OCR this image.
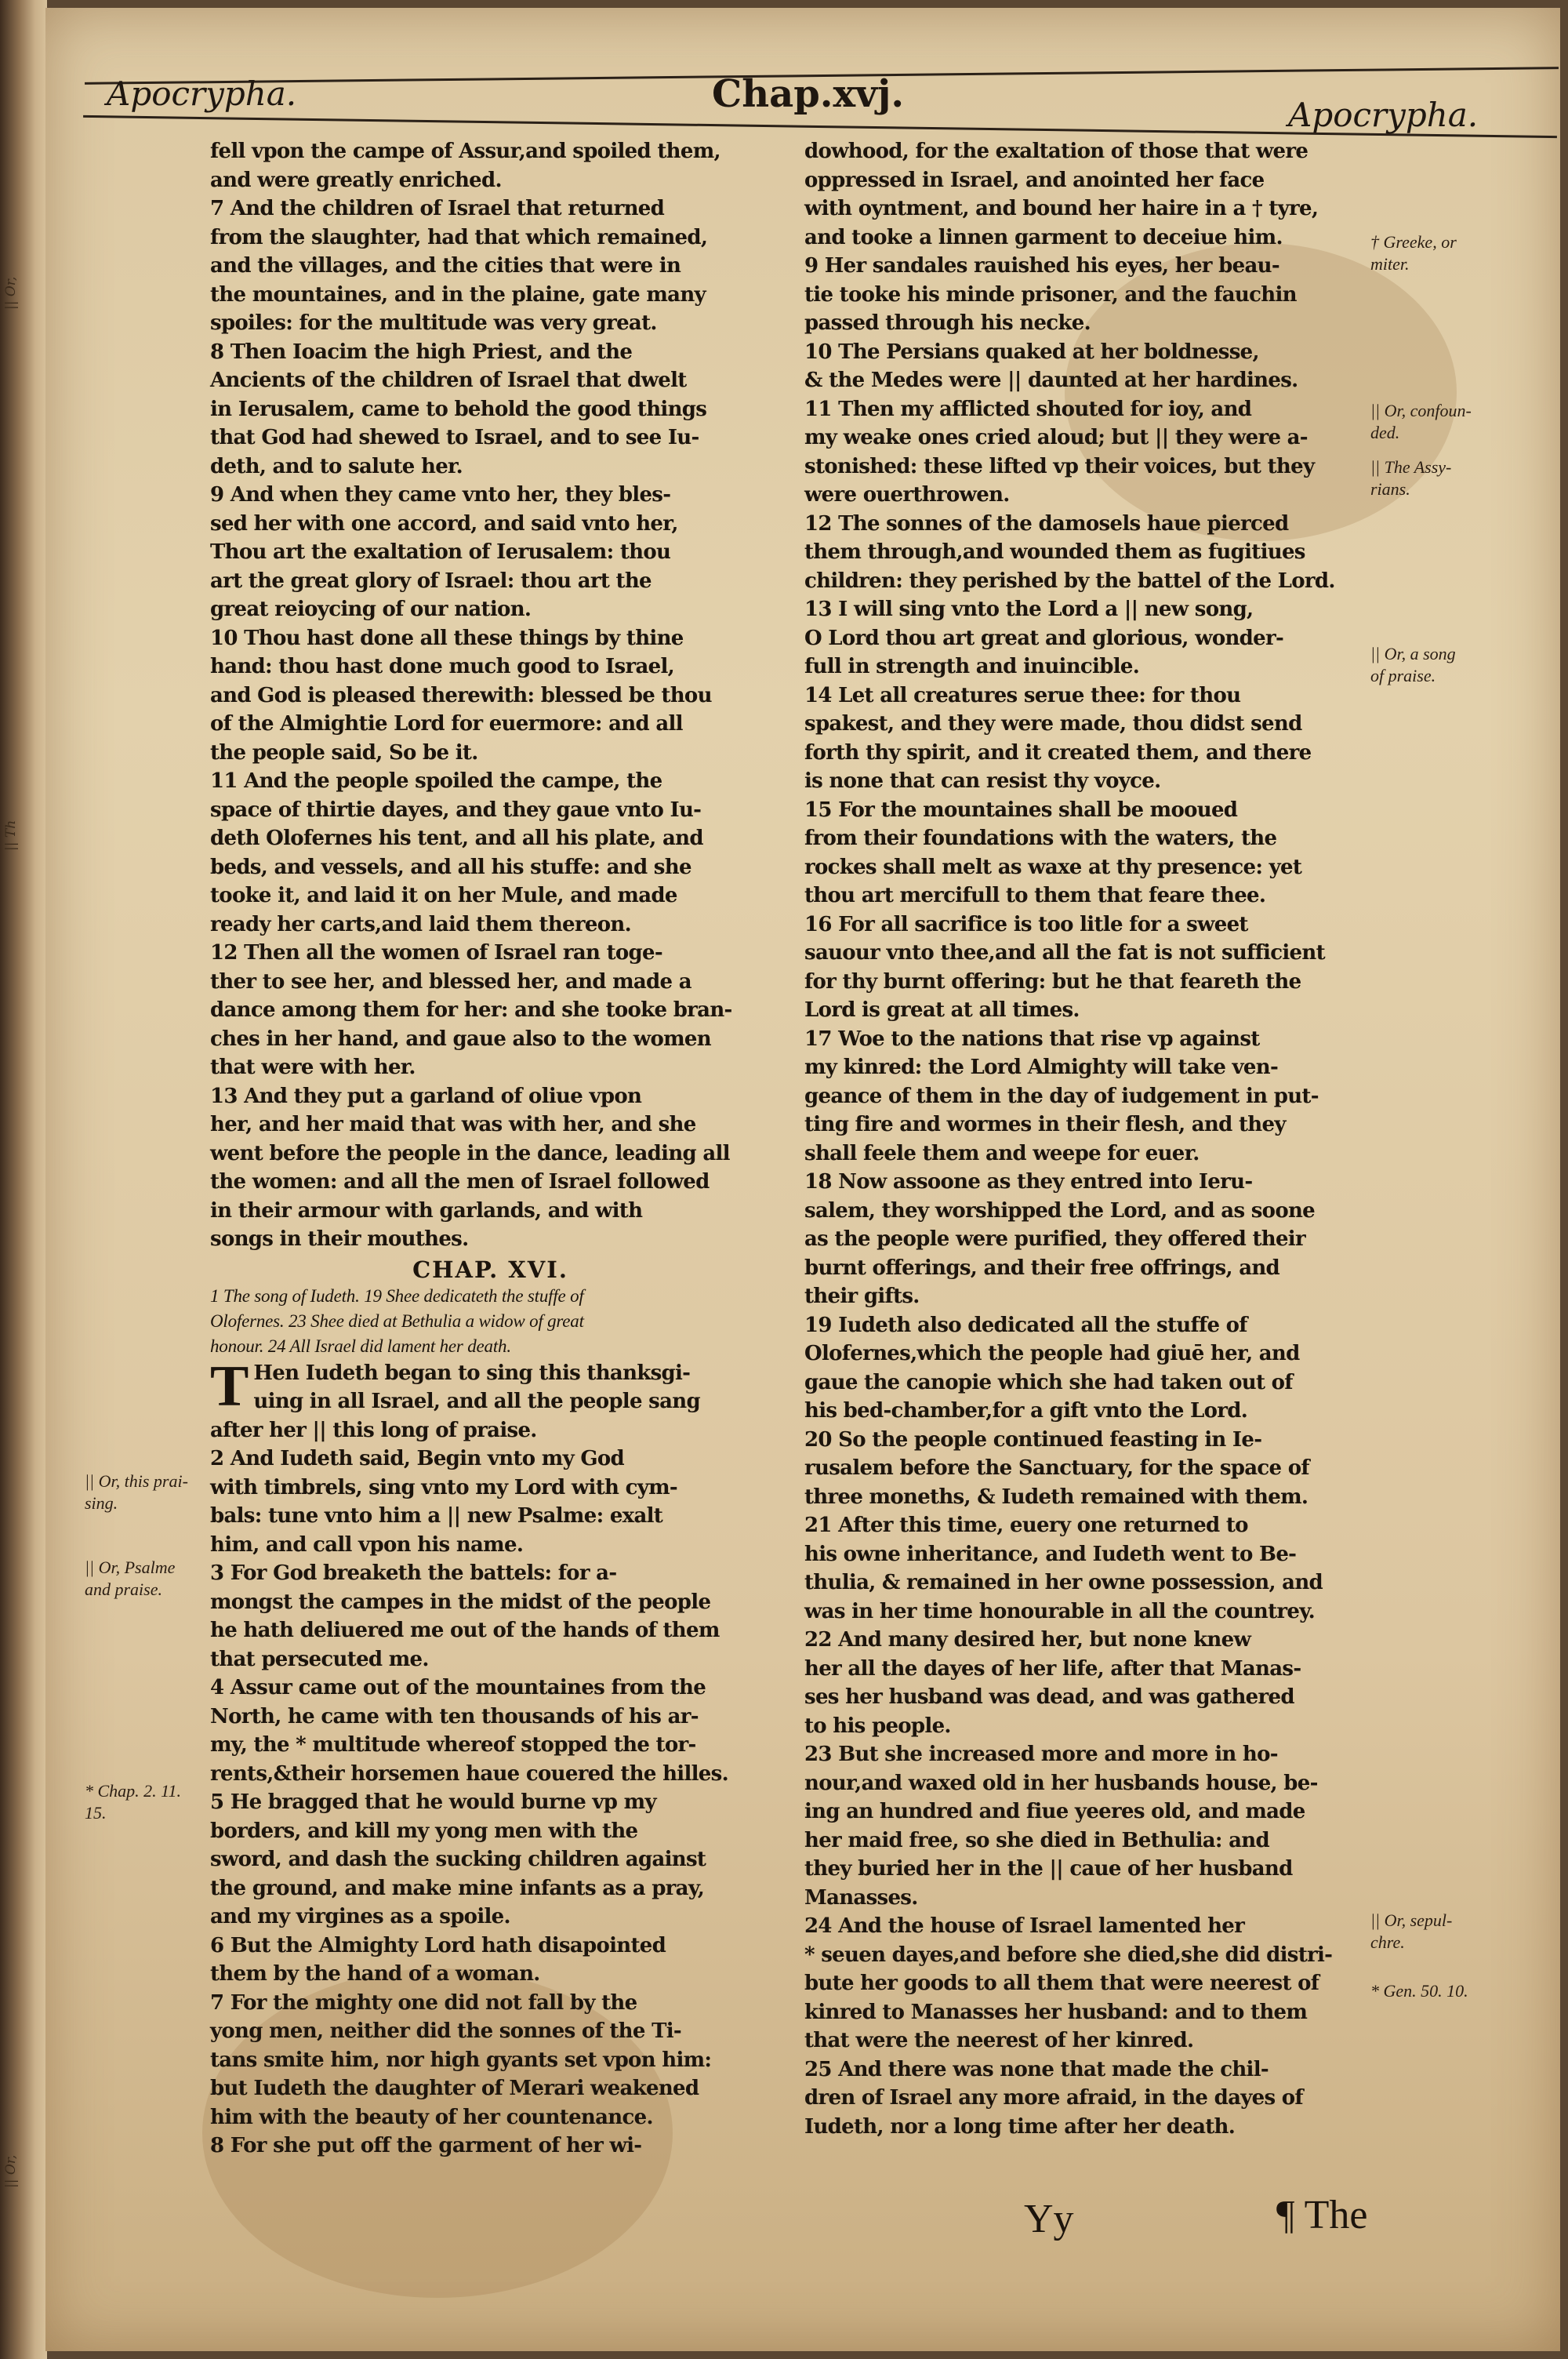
|| Or,
|| Th
|| Or,
Apocrypha.	Chap.xvj.	Apocrypha.
fell vpon the campe of Assur,and spoiled them,
and were greatly enriched.
7 And the children of Israel that returned
from the slaughter, had that which remained,
and the villages, and the cities that were in
the mountaines, and in the plaine, gate many
spoiles: for the multitude was very great.
8 Then Ioacim the high Priest, and the
Ancients of the children of Israel that dwelt
in Ierusalem, came to behold the good things
that God had shewed to Israel, and to see Iu-
deth, and to salute her.
9 And when they came vnto her, they bles-
sed her with one accord, and said vnto her,
Thou art the exaltation of Ierusalem: thou
art the great glory of Israel: thou art the
great reioycing of our nation.
10 Thou hast done all these things by thine
hand: thou hast done much good to Israel,
and God is pleased therewith: blessed be thou
of the Almightie Lord for euermore: and all
the people said, So be it.
11 And the people spoiled the campe, the
space of thirtie dayes, and they gaue vnto Iu-
deth Olofernes his tent, and all his plate, and
beds, and vessels, and all his stuffe: and she
tooke it, and laid it on her Mule, and made
ready her carts,and laid them thereon.
12 Then all the women of Israel ran toge-
ther to see her, and blessed her, and made a
dance among them for her: and she tooke bran-
ches in her hand, and gaue also to the women
that were with her.
13 And they put a garland of oliue vpon
her, and her maid that was with her, and she
went before the people in the dance, leading all
the women: and all the men of Israel followed
in their armour with garlands, and with
songs in their mouthes.
CHAP. XVI.
1 The song of Iudeth. 19 Shee dedicateth the stuffe of
Olofernes. 23 Shee died at Bethulia a widow of great
honour. 24 All Israel did lament her death.
T Hen Iudeth began to sing this thanksgi-
uing in all Israel, and all the people sang
after her || this long of praise.
2 And Iudeth said, Begin vnto my God
with timbrels, sing vnto my Lord with cym-
bals: tune vnto him a || new Psalme: exalt
him, and call vpon his name.
3 For God breaketh the battels: for a-
mongst the campes in the midst of the people
he hath deliuered me out of the hands of them
that persecuted me.
4 Assur came out of the mountaines from the
North, he came with ten thousands of his ar-
my, the * multitude whereof stopped the tor-
rents,&their horsemen haue couered the hilles.
5 He bragged that he would burne vp my
borders, and kill my yong men with the
sword, and dash the sucking children against
the ground, and make mine infants as a pray,
and my virgines as a spoile.
6 But the Almighty Lord hath disapointed
them by the hand of a woman.
7 For the mighty one did not fall by the
yong men, neither did the sonnes of the Ti-
tans smite him, nor high gyants set vpon him:
but Iudeth the daughter of Merari weakened
him with the beauty of her countenance.
8 For she put off the garment of her wi-
dowhood, for the exaltation of those that were
oppressed in Israel, and anointed her face
with oyntment, and bound her haire in a † tyre,
and tooke a linnen garment to deceiue him.
9 Her sandales rauished his eyes, her beau-
tie tooke his minde prisoner, and the fauchin
passed through his necke.
10 The Persians quaked at her boldnesse,
& the Medes were || daunted at her hardines.
11 Then my afflicted shouted for ioy, and
my weake ones cried aloud; but || they were a-
stonished: these lifted vp their voices, but they
were ouerthrowen.
12 The sonnes of the damosels haue pierced
them through,and wounded them as fugitiues
children: they perished by the battel of the Lord.
13 I will sing vnto the Lord a || new song,
O Lord thou art great and glorious, wonder-
full in strength and inuincible.
14 Let all creatures serue thee: for thou
spakest, and they were made, thou didst send
forth thy spirit, and it created them, and there
is none that can resist thy voyce.
15 For the mountaines shall be mooued
from their foundations with the waters, the
rockes shall melt as waxe at thy presence: yet
thou art mercifull to them that feare thee.
16 For all sacrifice is too litle for a sweet
sauour vnto thee,and all the fat is not sufficient
for thy burnt offering: but he that feareth the
Lord is great at all times.
17 Woe to the nations that rise vp against
my kinred: the Lord Almighty will take ven-
geance of them in the day of iudgement in put-
ting fire and wormes in their flesh, and they
shall feele them and weepe for euer.
18 Now assoone as they entred into Ieru-
salem, they worshipped the Lord, and as soone
as the people were purified, they offered their
burnt offerings, and their free offrings, and
their gifts.
19 Iudeth also dedicated all the stuffe of
Olofernes,which the people had giuē her, and
gaue the canopie which she had taken out of
his bed-chamber,for a gift vnto the Lord.
20 So the people continued feasting in Ie-
rusalem before the Sanctuary, for the space of
three moneths, & Iudeth remained with them.
21 After this time, euery one returned to
his owne inheritance, and Iudeth went to Be-
thulia, & remained in her owne possession, and
was in her time honourable in all the countrey.
22 And many desired her, but none knew
her all the dayes of her life, after that Manas-
ses her husband was dead, and was gathered
to his people.
23 But she increased more and more in ho-
nour,and waxed old in her husbands house, be-
ing an hundred and fiue yeeres old, and made
her maid free, so she died in Bethulia: and
they buried her in the || caue of her husband
Manasses.
24 And the house of Israel lamented her
* seuen dayes,and before she died,she did distri-
bute her goods to all them that were neerest of
kinred to Manasses her husband: and to them
that were the neerest of her kinred.
25 And there was none that made the chil-
dren of Israel any more afraid, in the dayes of
Iudeth, nor a long time after her death.
|| Or, this prai-
sing.
|| Or, Psalme
and praise.
* Chap. 2. 11.
15.
† Greeke, or
miter.
|| Or, confoun-
ded.
|| The Assy-
rians.
|| Or, a song
of praise.
|| Or, sepul-
chre.
* Gen. 50. 10.
Yy	¶ The
